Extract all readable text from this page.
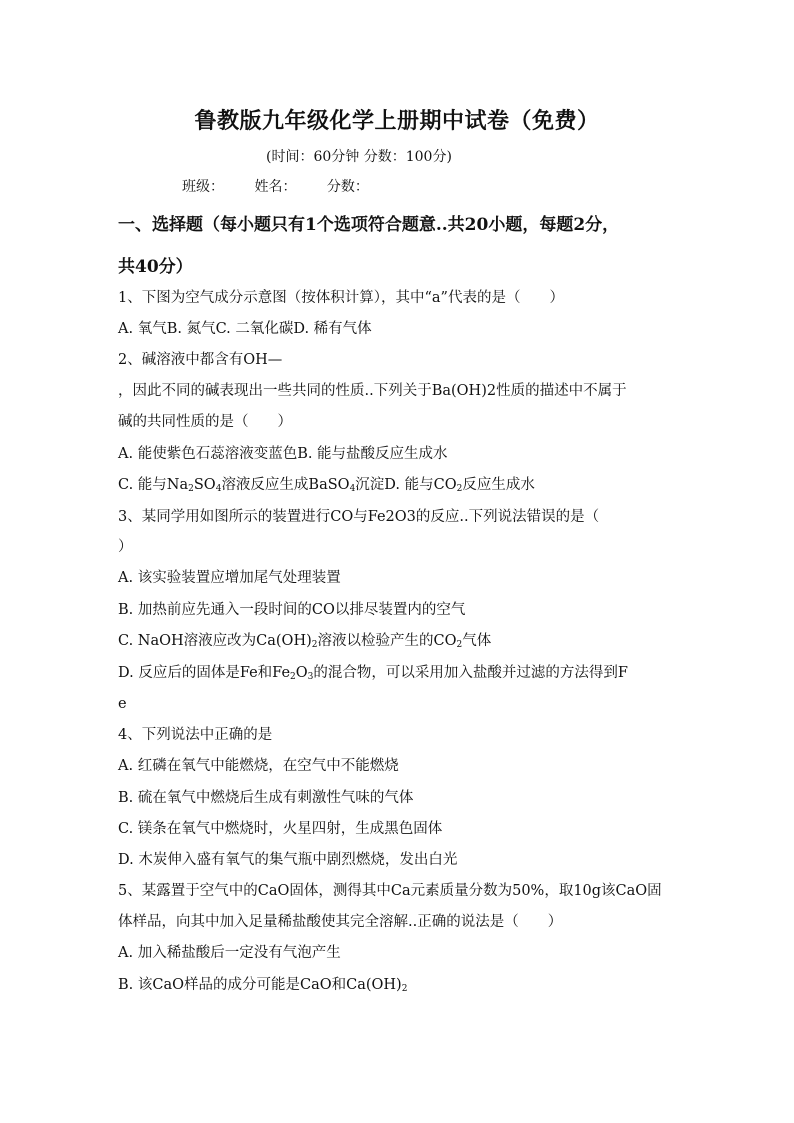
鲁教版九年级化学上册期中试卷（免费）
(时间：60分钟 分数：100分)
班级： 姓名： 分数：
一、选择题（每小题只有1个选项符合题意..共20小题，每题2分，
共40分）
1、下图为空气成分示意图（按体积计算），其中“a”代表的是（　　）
A. 氧气B. 氮气C. 二氧化碳D. 稀有气体
2、碱溶液中都含有OH—
，因此不同的碱表现出一些共同的性质..下列关于Ba(OH)2性质的描述中不属于
碱的共同性质的是（　　）
A. 能使紫色石蕊溶液变蓝色B. 能与盐酸反应生成水
C. 能与$Na_2SO_4$溶液反应生成BaSO$_4$沉淀D. 能与$CO_2$反应生成水
3、某同学用如图所示的装置进行CO与Fe2O3的反应..下列说法错误的是（
）
A. 该实验装置应增加尾气处理装置
B. 加热前应先通入一段时间的CO以排尽装置内的空气
C. NaOH溶液应改为$Ca(OH)_2$溶液以检验产生的$CO_2$气体
D. 反应后的固体是Fe和$Fe_2O_3$的混合物，可以采用加入盐酸并过滤的方法得到F
e
4、下列说法中正确的是
A. 红磷在氧气中能燃烧，在空气中不能燃烧
B. 硫在氧气中燃烧后生成有刺激性气味的气体
C. 镁条在氧气中燃烧时，火星四射，生成黑色固体
D. 木炭伸入盛有氧气的集气瓶中剧烈燃烧，发出白光
5、某露置于空气中的CaO固体，测得其中Ca元素质量分数为50%，取10g该CaO固
体样品，向其中加入足量稀盐酸使其完全溶解..正确的说法是（　　）
A. 加入稀盐酸后一定没有气泡产生
B. 该CaO样品的成分可能是CaO和$Ca(OH)_2$
